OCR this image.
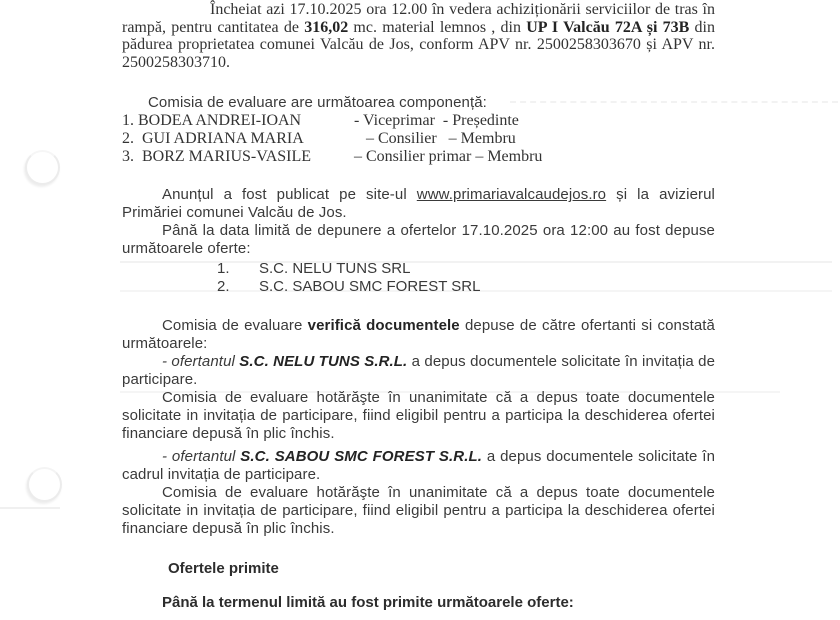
Încheiat azi 17.10.2025 ora 12.00 în vedera achiziționării serviciilor de tras în rampă, pentru cantitatea de 316,02 mc. material lemnos , din UP I Valcău 72A și 73B din pădurea proprietatea comunei Valcău de Jos, conform APV nr. 2500258303670 și APV nr. 2500258303710.

Comisia de evaluare are următoarea componență:

1. BODEA ANDREI-IOAN	- Viceprimar  - Președinte
2.  GUI ADRIANA MARIA	– Consilier   – Membru
3.  BORZ MARIUS-VASILE	– Consilier primar – Membru

Anunțul a fost publicat pe site-ul www.primariavalcaudejos.ro și la avizierul Primăriei comunei Valcău de Jos.

Până la data limită de depunere a ofertelor 17.10.2025 ora 12:00 au fost depuse următoarele oferte:

1.	S.C. NELU TUNS SRL
2.	S.C. SABOU SMC FOREST SRL

Comisia de evaluare verifică documentele depuse de către ofertanti si constată următoarele:

- ofertantul S.C. NELU TUNS S.R.L. a depus documentele solicitate în invitația de participare.

Comisia de evaluare hotărăşte în unanimitate că a depus toate documentele solicitate in invitația de participare, fiind eligibil pentru a participa la deschiderea ofertei financiare depusă în plic închis.

- ofertantul S.C. SABOU SMC FOREST S.R.L. a depus documentele solicitate în cadrul invitația de participare.

Comisia de evaluare hotărăşte în unanimitate că a depus toate documentele solicitate in invitația de participare, fiind eligibil pentru a participa la deschiderea ofertei financiare depusă în plic închis.

Ofertele primite

Până la termenul limită au fost primite următoarele oferte:
